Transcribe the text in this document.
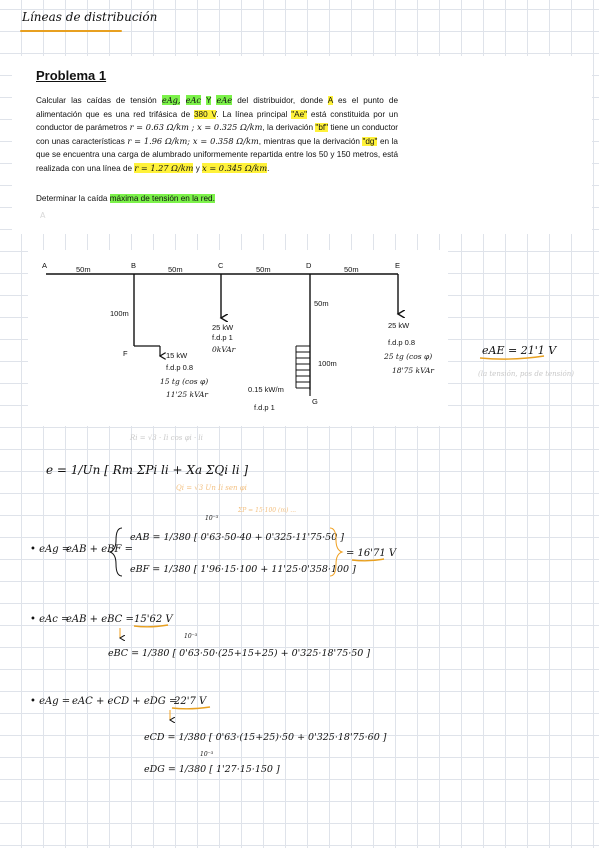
Líneas de distribución
Problema 1
Calcular las caídas de tensión eAg, eAc Y eAe del distribuidor, donde A es el punto de alimentación que es una red trifásica de 380 V. La línea principal "Ae" está constituida por un conductor de parámetros r = 0.63 Ω/km ; x = 0.325 Ω/km, la derivación "bf" tiene un conductor con unas características r = 1.96 Ω/km; x = 0.358 Ω/km, mientras que la derivación "dg" en la que se encuentra una carga de alumbrado uniformemente repartida entre los 50 y 150 metros, está realizada con una línea de r = 1.27 Ω/km y x = 0.345 Ω/km.
Determinar la caída máxima de tensión en la red.
A
A	B	C	D	E
F
G
50m	50m	50m	50m
100m
50m
100m
25 kW
f.d.p 1
0kVAr
25 kW
f.d.p 0.8
25 tg (cos φ)
18'75 kVAr
15 kW
f.d.p 0.8
15 tg (cos φ)
11'25 kVAr
0.15 kW/m
f.d.p 1
eAE = 21'1 V
(la tensión, pos de tensión)
Ri = √3 · Ii cos φi · li
e = 1/Un [ Rm ΣPi li + Xa ΣQi li ]
Qi = √3 Un Ii sen φi
ΣP = 15·100 (m) ...
• eAg =
eAB + eBF =
eAB = 1/380 [ 0'63·50·40 + 0'325·11'75·50 ]
eBF = 1/380 [ 1'96·15·100 + 11'25·0'358·100 ]
10⁻³
= 16'71 V
• eAc =
eAB + eBC = 15'62 V
eBC = 1/380 [ 0'63·50·(25+15+25) + 0'325·18'75·50 ]
10⁻³
• eAg = eAC + eCD + eDG =
22'7 V
eCD = 1/380 [ 0'63·(15+25)·50 + 0'325·18'75·60 ]
eDG = 1/380 [ 1'27·15·150 ]
10⁻³
